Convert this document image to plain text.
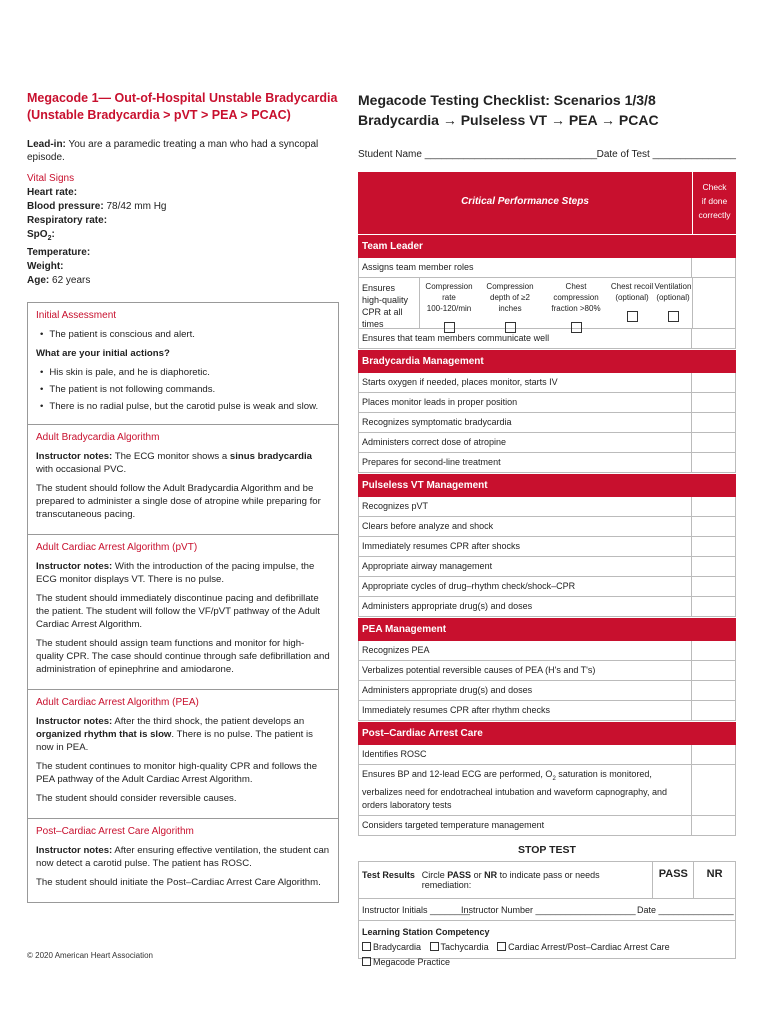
Megacode 1— Out-of-Hospital Unstable Bradycardia
(Unstable Bradycardia > pVT > PEA > PCAC)
Lead-in: You are a paramedic treating a man who had a syncopal episode.
Vital Signs
Heart rate:
Blood pressure: 78/42 mm Hg
Respiratory rate:
SpO$_2$:
Temperature:
Weight:
Age: 62 years
Initial Assessment
• The patient is conscious and alert.
What are your initial actions?
• His skin is pale, and he is diaphoretic.
• The patient is not following commands.
• There is no radial pulse, but the carotid pulse is weak and slow.
Adult Bradycardia Algorithm

Instructor notes: The ECG monitor shows a sinus bradycardia with occasional PVC.

The student should follow the Adult Bradycardia Algorithm and be prepared to administer a single dose of atropine while preparing for transcutaneous pacing.

Adult Cardiac Arrest Algorithm (pVT)

Instructor notes: With the introduction of the pacing impulse, the ECG monitor displays VT. There is no pulse.

The student should immediately discontinue pacing and defibrillate the patient. The student will follow the VF/pVT pathway of the Adult Cardiac Arrest Algorithm.

The student should assign team functions and monitor for high-quality CPR. The case should continue through safe defibrillation and administration of epinephrine and amiodarone.

Adult Cardiac Arrest Algorithm (PEA)

Instructor notes: After the third shock, the patient develops an organized rhythm that is slow. There is no pulse. The patient is now in PEA.

The student continues to monitor high-quality CPR and follows the PEA pathway of the Adult Cardiac Arrest Algorithm.

The student should consider reversible causes.

Post–Cardiac Arrest Care Algorithm

Instructor notes: After ensuring effective ventilation, the student can now detect a carotid pulse. The patient has ROSC.

The student should initiate the Post–Cardiac Arrest Care Algorithm.

© 2020 American Heart Association
Megacode Testing Checklist: Scenarios 1/3/8
Bradycardia → Pulseless VT → PEA → PCAC
Student Name _______________________________ Date of Test _______________
Critical Performance Steps
Check
if done
correctly
Team Leader
Assigns team member roles
Ensures high-quality CPR at all times
Compression rate
100-120/min
Compression
depth of ≥2 inches
Chest compression
fraction >80%
Chest recoil
(optional)
Ventilation
(optional)
Ensures that team members communicate well
Bradycardia Management
Starts oxygen if needed, places monitor, starts IV
Places monitor leads in proper position
Recognizes symptomatic bradycardia
Administers correct dose of atropine
Prepares for second-line treatment
Pulseless VT Management
Recognizes pVT
Clears before analyze and shock
Immediately resumes CPR after shocks
Appropriate airway management
Appropriate cycles of drug–rhythm check/shock–CPR
Administers appropriate drug(s) and doses
PEA Management
Recognizes PEA
Verbalizes potential reversible causes of PEA (H's and T's)
Administers appropriate drug(s) and doses
Immediately resumes CPR after rhythm checks
Post–Cardiac Arrest Care
Identifies ROSC
Ensures BP and 12-lead ECG are performed, $O_2$ saturation is monitored, verbalizes need for endotracheal intubation and waveform capnography, and orders laboratory tests
Considers targeted temperature management
STOP TEST
Test Results Circle PASS or NR to indicate pass or needs remediation:
PASS	NR
Instructor Initials ________
Instructor Number ____________________ Date _______________
Learning Station Competency
Bradycardia Tachycardia Cardiac Arrest/Post–Cardiac Arrest Care Megacode Practice
